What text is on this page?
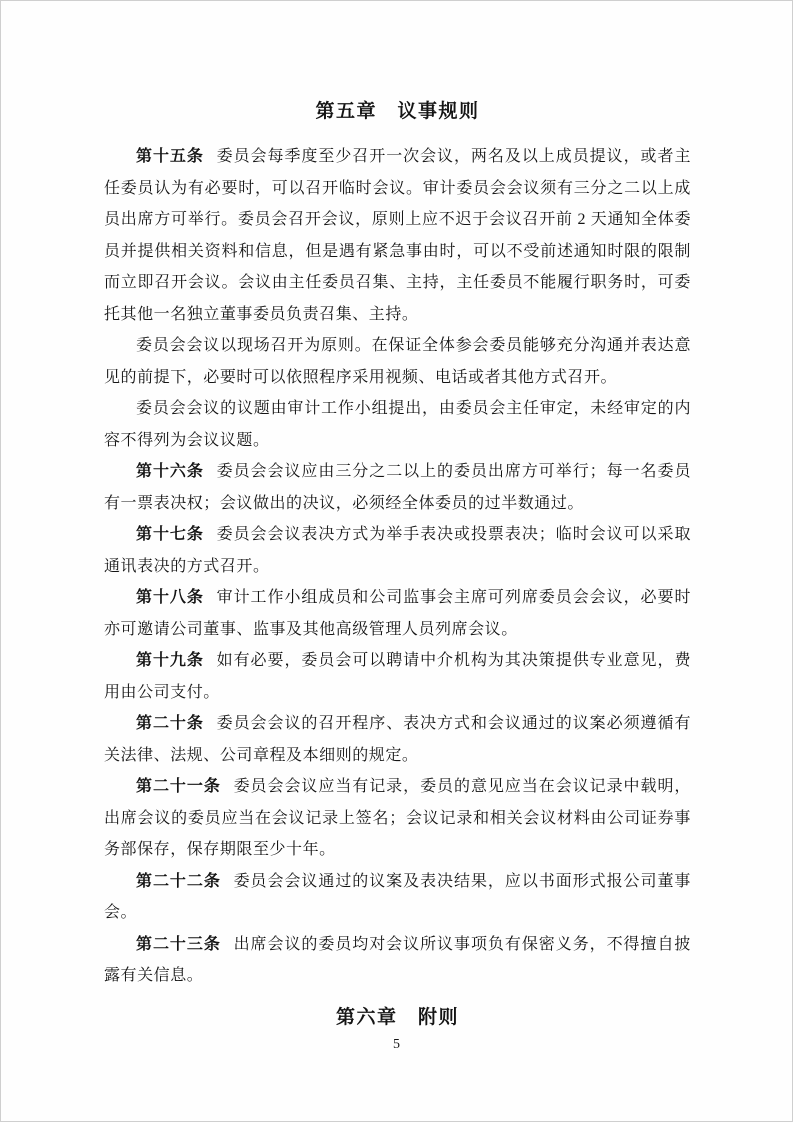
第五章　议事规则

第十五条 委员会每季度至少召开一次会议，两名及以上成员提议，或者主任委员认为有必要时，可以召开临时会议。审计委员会会议须有三分之二以上成员出席方可举行。委员会召开会议，原则上应不迟于会议召开前 2 天通知全体委员并提供相关资料和信息，但是遇有紧急事由时，可以不受前述通知时限的限制而立即召开会议。会议由主任委员召集、主持，主任委员不能履行职务时，可委托其他一名独立董事委员负责召集、主持。

委员会会议以现场召开为原则。在保证全体参会委员能够充分沟通并表达意见的前提下，必要时可以依照程序采用视频、电话或者其他方式召开。

委员会会议的议题由审计工作小组提出，由委员会主任审定，未经审定的内容不得列为会议议题。

第十六条 委员会会议应由三分之二以上的委员出席方可举行；每一名委员有一票表决权；会议做出的决议，必须经全体委员的过半数通过。

第十七条 委员会会议表决方式为举手表决或投票表决；临时会议可以采取通讯表决的方式召开。

第十八条 审计工作小组成员和公司监事会主席可列席委员会会议，必要时亦可邀请公司董事、监事及其他高级管理人员列席会议。

第十九条 如有必要，委员会可以聘请中介机构为其决策提供专业意见，费用由公司支付。

第二十条 委员会会议的召开程序、表决方式和会议通过的议案必须遵循有关法律、法规、公司章程及本细则的规定。

第二十一条 委员会会议应当有记录，委员的意见应当在会议记录中载明，出席会议的委员应当在会议记录上签名；会议记录和相关会议材料由公司证券事务部保存，保存期限至少十年。

第二十二条 委员会会议通过的议案及表决结果，应以书面形式报公司董事会。

第二十三条 出席会议的委员均对会议所议事项负有保密义务，不得擅自披露有关信息。

第六章　附则
5
